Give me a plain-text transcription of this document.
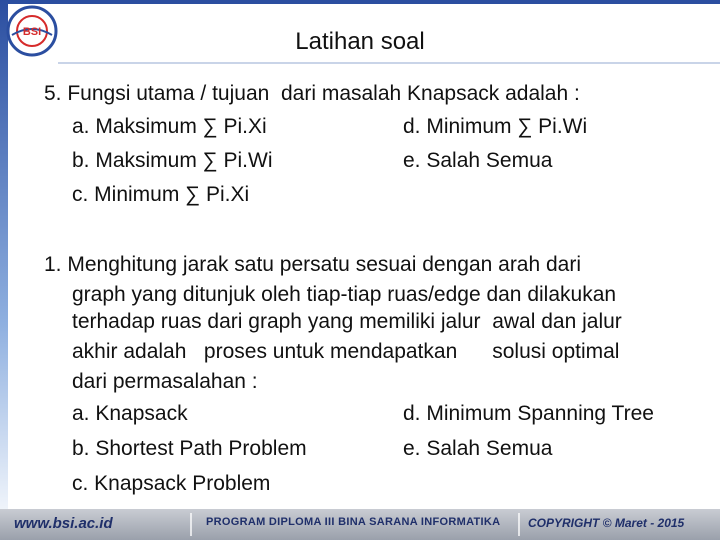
BSI	Latihan soal
5. Fungsi utama / tujuan  dari masalah Knapsack adalah :
a. Maksimum ∑ Pi.Xi	d. Minimum ∑ Pi.Wi
b. Maksimum ∑ Pi.Wi	e. Salah Semua
c. Minimum ∑ Pi.Xi
1. Menghitung jarak satu persatu sesuai dengan arah dari
graph yang ditunjuk oleh tiap-tiap ruas/edge dan dilakukan
terhadap ruas dari graph yang memiliki jalur  awal dan jalur
akhir adalah   proses untuk mendapatkan      solusi optimal
dari permasalahan :
a. Knapsack	d. Minimum Spanning Tree
b. Shortest Path Problem	e. Salah Semua
c. Knapsack Problem
www.bsi.ac.id	PROGRAM DIPLOMA III BINA SARANA INFORMATIKA COPYRIGHT © Maret - 2015
